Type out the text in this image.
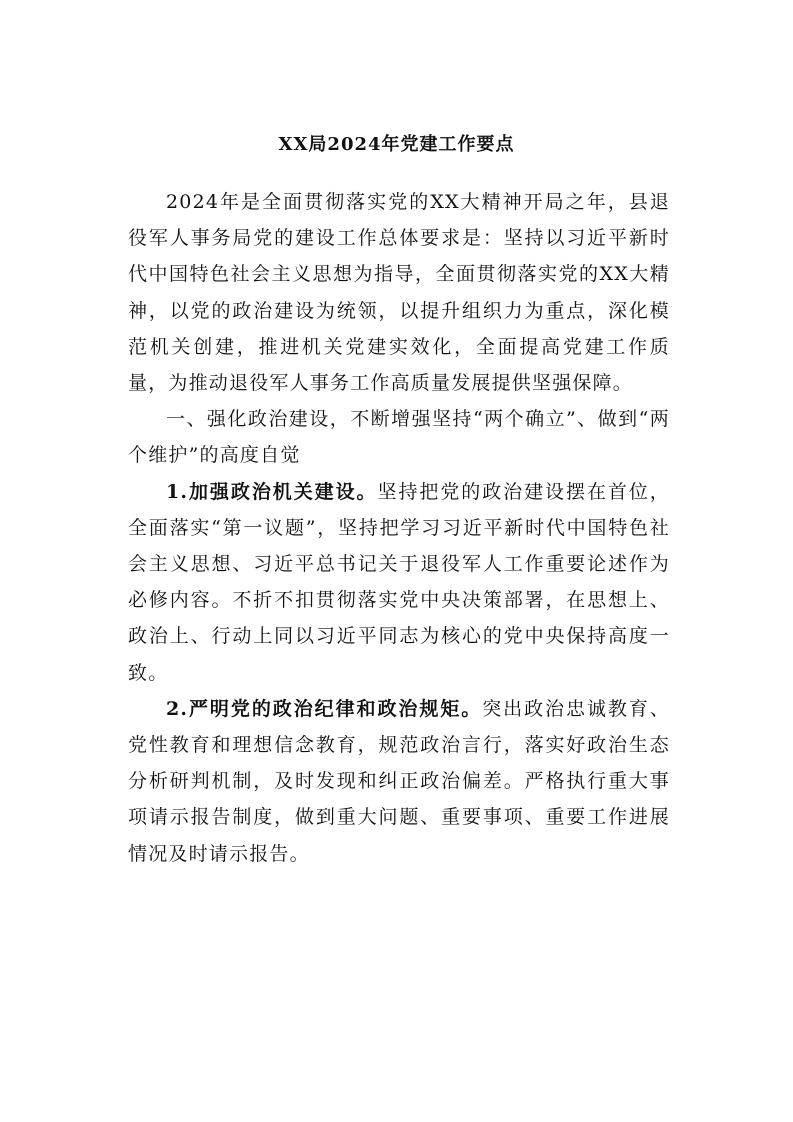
XX局2024年党建工作要点

2024年是全面贯彻落实党的XX大精神开局之年，县退役军人事务局党的建设工作总体要求是：坚持以习近平新时代中国特色社会主义思想为指导，全面贯彻落实党的XX大精神，以党的政治建设为统领，以提升组织力为重点，深化模范机关创建，推进机关党建实效化，全面提高党建工作质量，为推动退役军人事务工作高质量发展提供坚强保障。

一、强化政治建设，不断增强坚持“两个确立”、做到“两个维护”的高度自觉

1.加强政治机关建设。坚持把党的政治建设摆在首位，全面落实“第一议题”，坚持把学习习近平新时代中国特色社会主义思想、习近平总书记关于退役军人工作重要论述作为必修内容。不折不扣贯彻落实党中央决策部署，在思想上、政治上、行动上同以习近平同志为核心的党中央保持高度一致。

2.严明党的政治纪律和政治规矩。突出政治忠诚教育、党性教育和理想信念教育，规范政治言行，落实好政治生态分析研判机制，及时发现和纠正政治偏差。严格执行重大事项请示报告制度，做到重大问题、重要事项、重要工作进展情况及时请示报告。
